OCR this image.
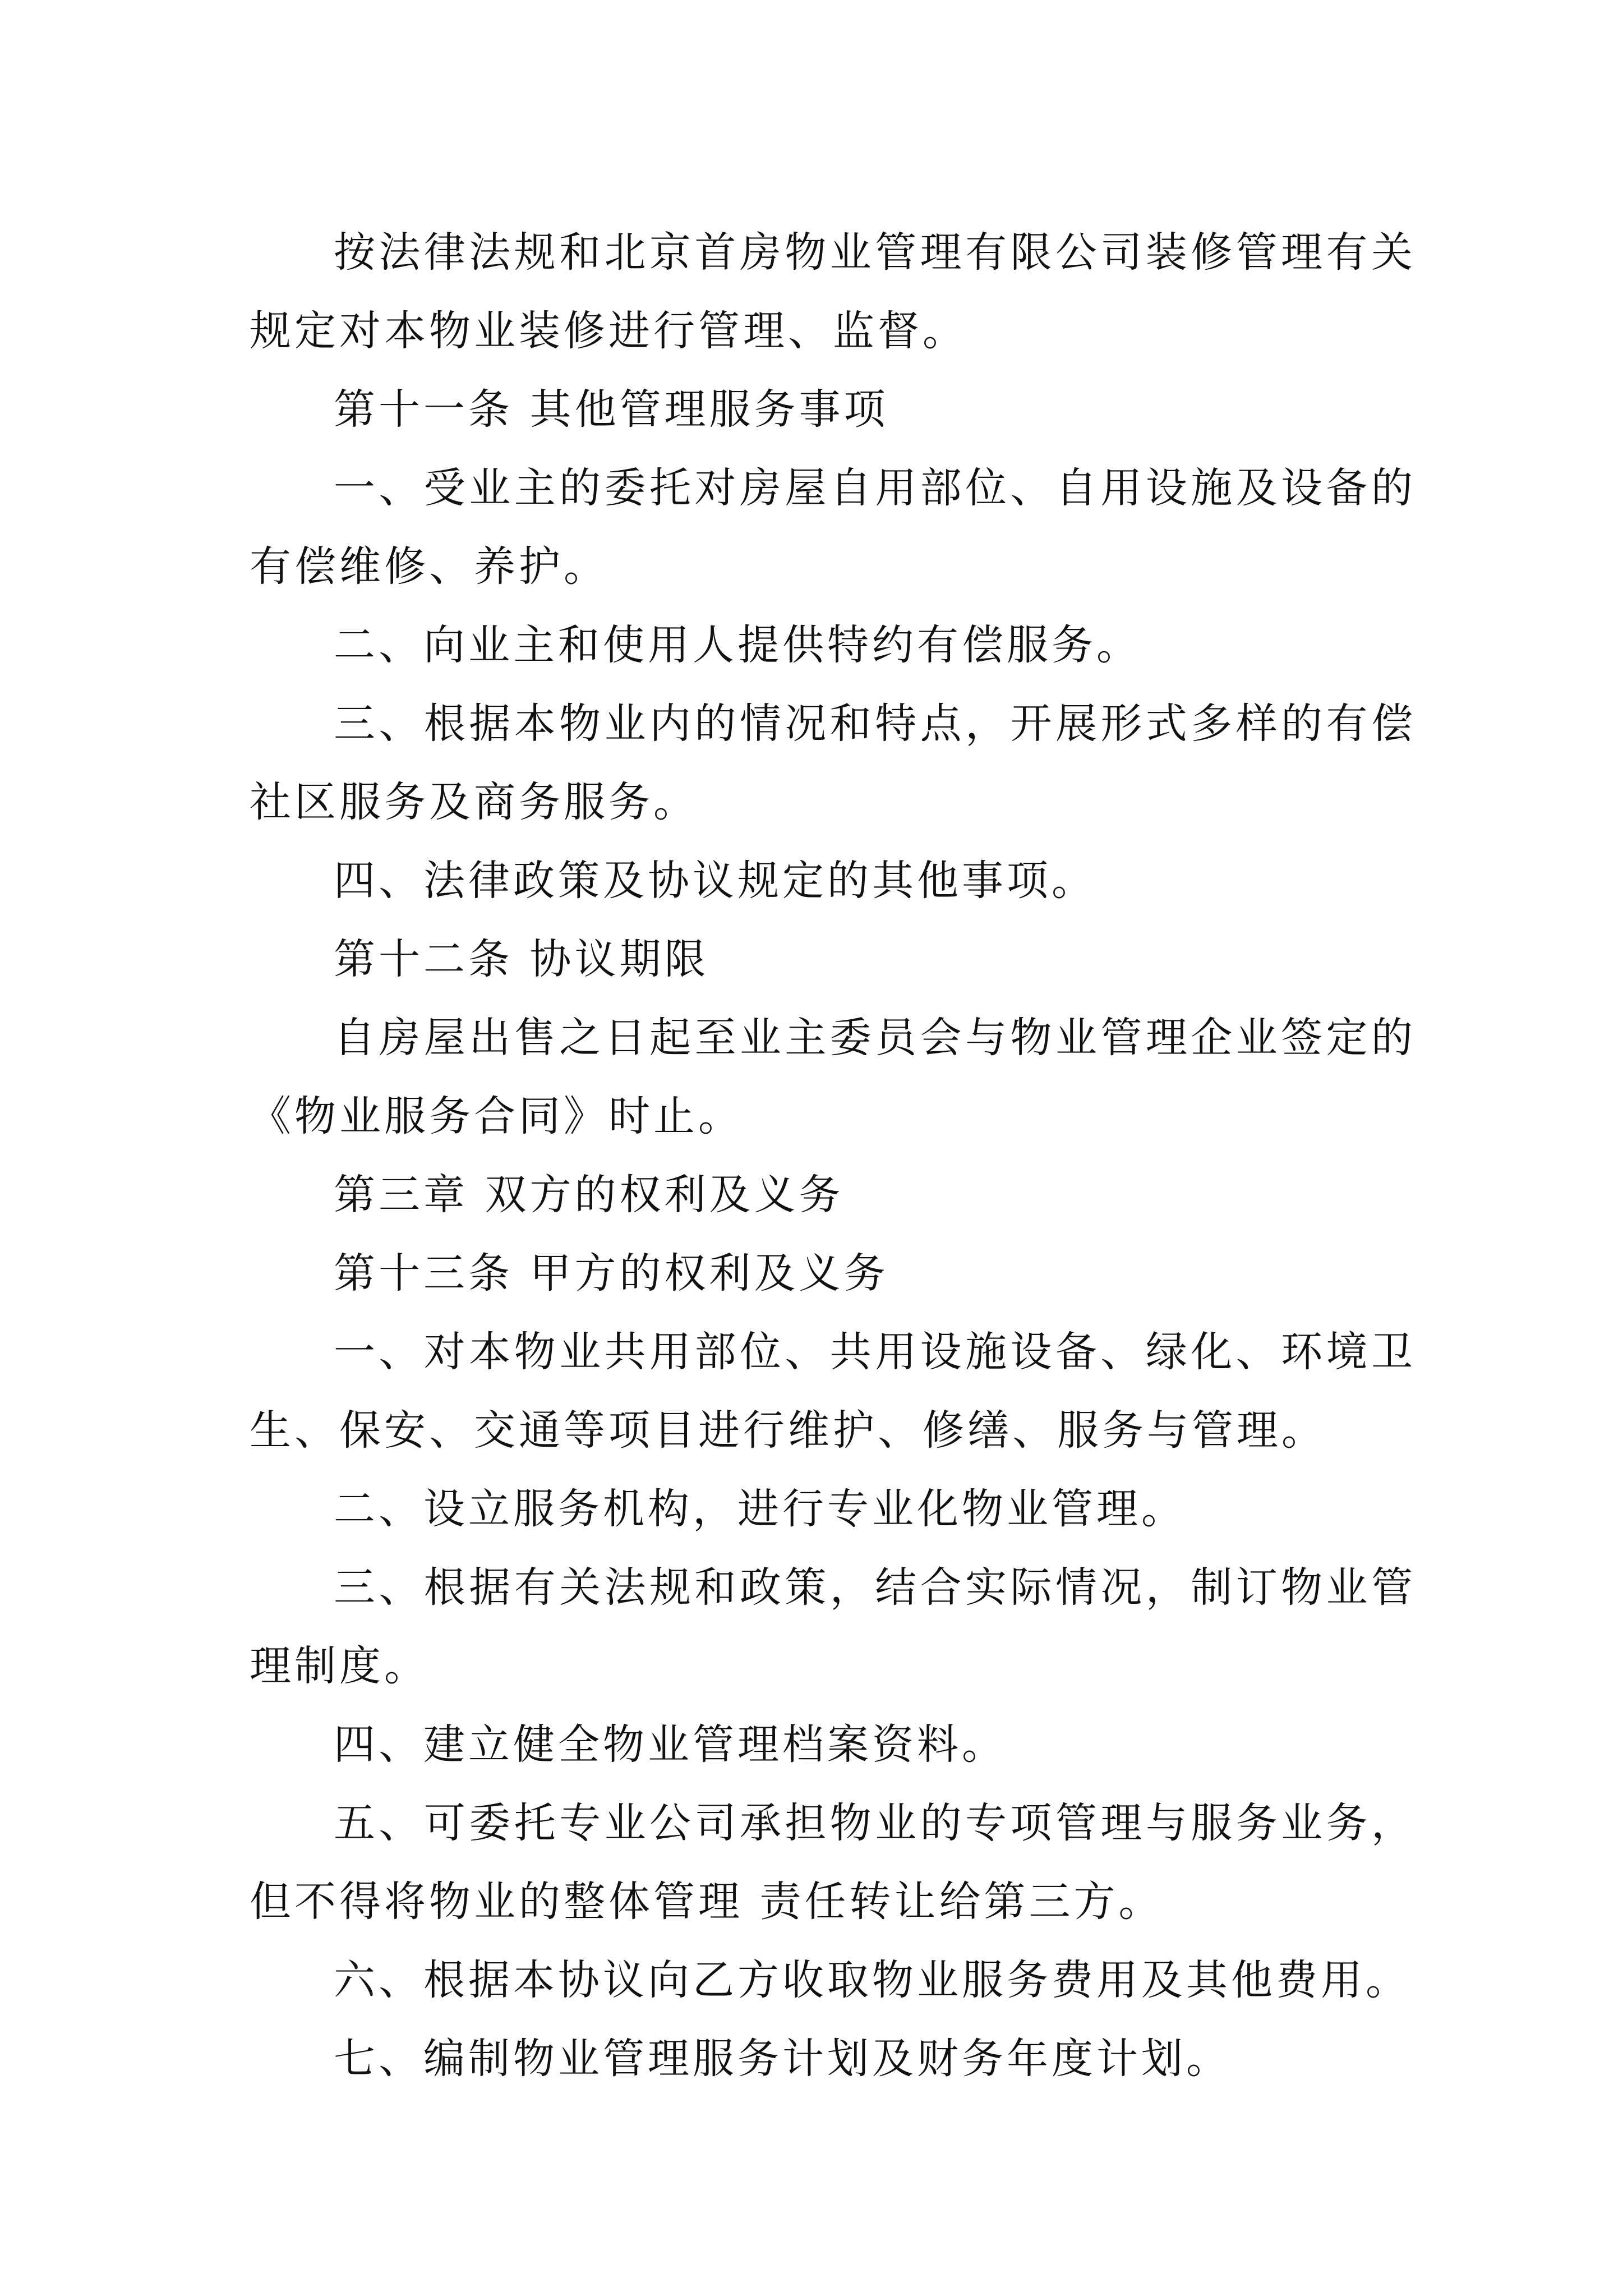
按法律法规和北京首房物业管理有限公司装修管理有关规定对本物业装修进行管理、监督。

第十一条 其他管理服务事项

一、受业主的委托对房屋自用部位、自用设施及设备的有偿维修、养护。

二、向业主和使用人提供特约有偿服务。

三、根据本物业内的情况和特点，开展形式多样的有偿社区服务及商务服务。

四、法律政策及协议规定的其他事项。

第十二条 协议期限

自房屋出售之日起至业主委员会与物业管理企业签定的《物业服务合同》时止。

第三章 双方的权利及义务

第十三条 甲方的权利及义务

一、对本物业共用部位、共用设施设备、绿化、环境卫生、保安、交通等项目进行维护、修缮、服务与管理。

二、设立服务机构，进行专业化物业管理。

三、根据有关法规和政策，结合实际情况，制订物业管理制度。

四、建立健全物业管理档案资料。

五、可委托专业公司承担物业的专项管理与服务业务，但不得将物业的整体管理 责任转让给第三方。

六、根据本协议向乙方收取物业服务费用及其他费用。

七、编制物业管理服务计划及财务年度计划。
